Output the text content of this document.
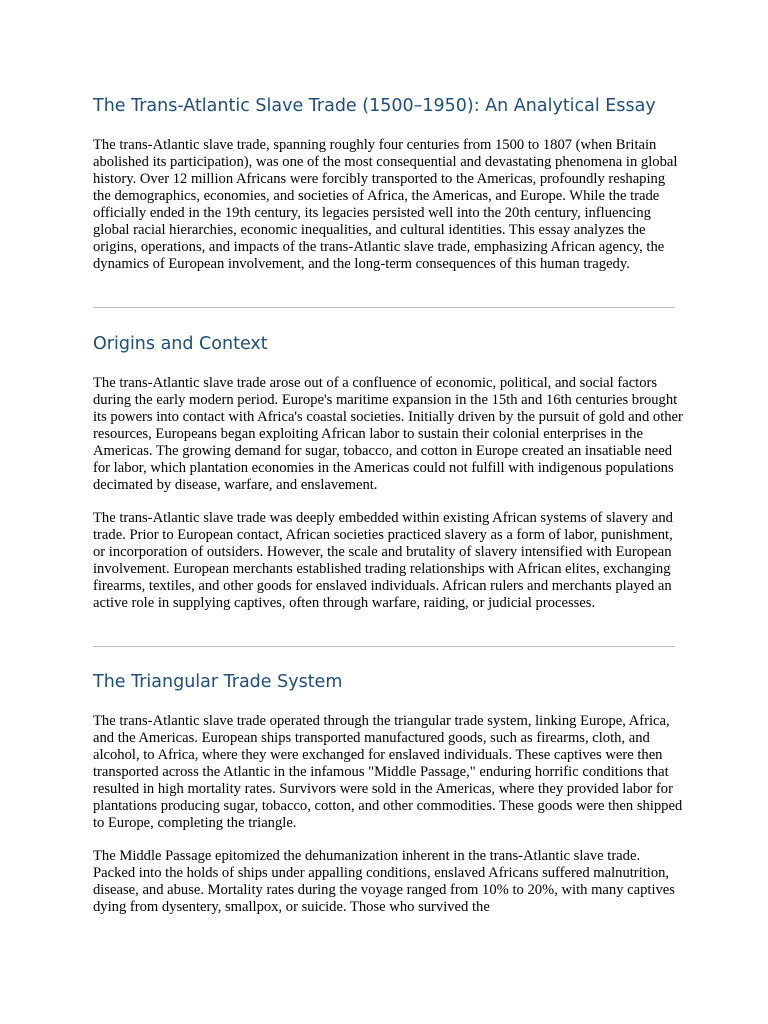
The Trans-Atlantic Slave Trade (1500–1950): An Analytical Essay

The trans-Atlantic slave trade, spanning roughly four centuries from 1500 to 1807 (when Britain abolished its participation), was one of the most consequential and devastating phenomena in global history. Over 12 million Africans were forcibly transported to the Americas, profoundly reshaping the demographics, economies, and societies of Africa, the Americas, and Europe. While the trade officially ended in the 19th century, its legacies persisted well into the 20th century, influencing global racial hierarchies, economic inequalities, and cultural identities. This essay analyzes the origins, operations, and impacts of the trans-Atlantic slave trade, emphasizing African agency, the dynamics of European involvement, and the long-term consequences of this human tragedy.

Origins and Context

The trans-Atlantic slave trade arose out of a confluence of economic, political, and social factors during the early modern period. Europe's maritime expansion in the 15th and 16th centuries brought its powers into contact with Africa's coastal societies. Initially driven by the pursuit of gold and other resources, Europeans began exploiting African labor to sustain their colonial enterprises in the Americas. The growing demand for sugar, tobacco, and cotton in Europe created an insatiable need for labor, which plantation economies in the Americas could not fulfill with indigenous populations decimated by disease, warfare, and enslavement.

The trans-Atlantic slave trade was deeply embedded within existing African systems of slavery and trade. Prior to European contact, African societies practiced slavery as a form of labor, punishment, or incorporation of outsiders. However, the scale and brutality of slavery intensified with European involvement. European merchants established trading relationships with African elites, exchanging firearms, textiles, and other goods for enslaved individuals. African rulers and merchants played an active role in supplying captives, often through warfare, raiding, or judicial processes.

The Triangular Trade System

The trans-Atlantic slave trade operated through the triangular trade system, linking Europe, Africa, and the Americas. European ships transported manufactured goods, such as firearms, cloth, and alcohol, to Africa, where they were exchanged for enslaved individuals. These captives were then transported across the Atlantic in the infamous "Middle Passage," enduring horrific conditions that resulted in high mortality rates. Survivors were sold in the Americas, where they provided labor for plantations producing sugar, tobacco, cotton, and other commodities. These goods were then shipped to Europe, completing the triangle.

The Middle Passage epitomized the dehumanization inherent in the trans-Atlantic slave trade. Packed into the holds of ships under appalling conditions, enslaved Africans suffered malnutrition, disease, and abuse. Mortality rates during the voyage ranged from 10% to 20%, with many captives dying from dysentery, smallpox, or suicide. Those who survived the
